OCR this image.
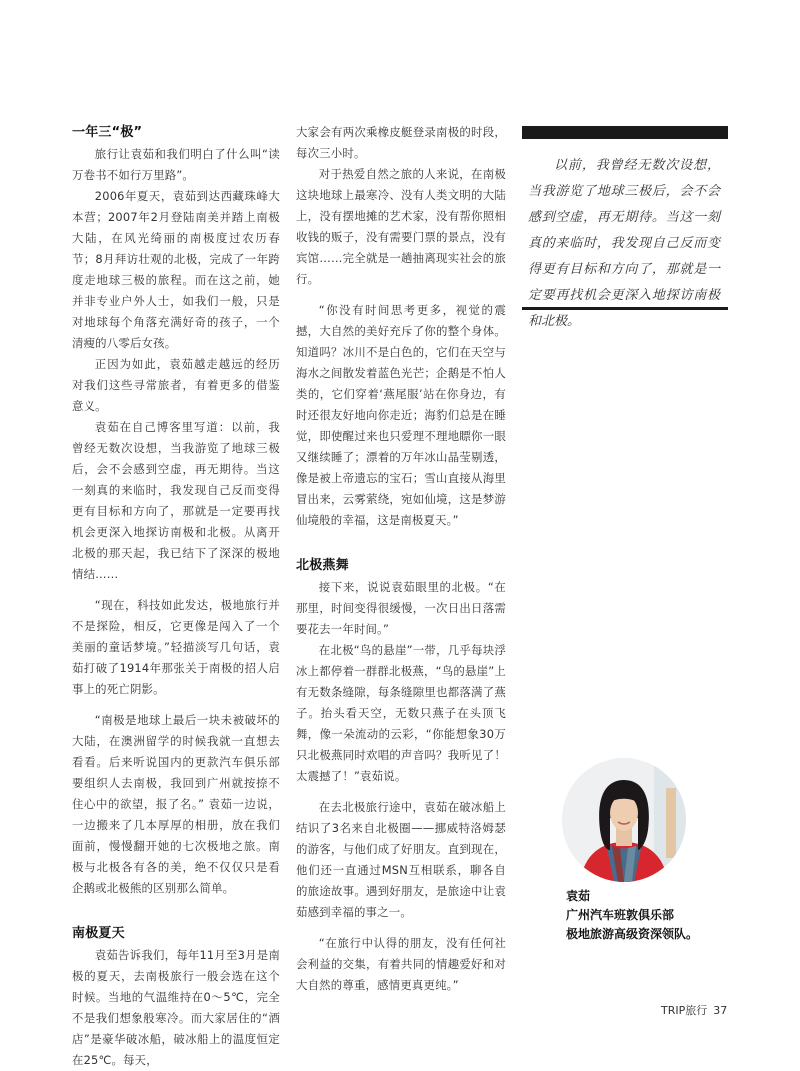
一年三“极”

旅行让袁茹和我们明白了什么叫“读万卷书不如行万里路”。

2006年夏天，袁茹到达西藏珠峰大本营；2007年2月登陆南美并踏上南极大陆，在风光绮丽的南极度过农历春节；8月拜访壮观的北极，完成了一年跨度走地球三极的旅程。而在这之前，她并非专业户外人士，如我们一般，只是对地球每个角落充满好奇的孩子，一个清瘦的八零后女孩。

正因为如此，袁茹越走越远的经历对我们这些寻常旅者，有着更多的借鉴意义。

袁茹在自己博客里写道：以前，我曾经无数次设想，当我游览了地球三极后，会不会感到空虚，再无期待。当这一刻真的来临时，我发现自己反而变得更有目标和方向了，那就是一定要再找机会更深入地探访南极和北极。从离开北极的那天起，我已结下了深深的极地情结……

“现在，科技如此发达，极地旅行并不是探险，相反，它更像是闯入了一个美丽的童话梦境。”轻描淡写几句话，袁茹打破了1914年那张关于南极的招人启事上的死亡阴影。

“南极是地球上最后一块未被破坏的大陆，在澳洲留学的时候我就一直想去看看。后来听说国内的更款汽车俱乐部要组织人去南极，我回到广州就按捺不住心中的欲望，报了名。” 袁茹一边说，一边搬来了几本厚厚的相册，放在我们面前，慢慢翻开她的七次极地之旅。南极与北极各有各的美，绝不仅仅只是看企鹅或北极熊的区别那么简单。

南极夏天

袁茹告诉我们，每年11月至3月是南极的夏天，去南极旅行一般会选在这个时候。当地的气温维持在0～5℃，完全不是我们想象般寒冷。而大家居住的“酒店”是豪华破冰船，破冰船上的温度恒定在25℃。每天，

大家会有两次乘橡皮艇登录南极的时段，每次三小时。

对于热爱自然之旅的人来说，在南极这块地球上最寒冷、没有人类文明的大陆上，没有摆地摊的艺术家，没有帮你照相收钱的贩子，没有需要门票的景点，没有宾馆……完全就是一趟抽离现实社会的旅行。

“你没有时间思考更多，视觉的震撼，大自然的美好充斥了你的整个身体。知道吗？冰川不是白色的，它们在天空与海水之间散发着蓝色光芒；企鹅是不怕人类的，它们穿着‘燕尾服’站在你身边，有时还很友好地向你走近；海豹们总是在睡觉，即使醒过来也只爱理不理地瞟你一眼又继续睡了；漂着的万年冰山晶莹剔透，像是被上帝遗忘的宝石；雪山直接从海里冒出来，云雾萦绕，宛如仙境，这是梦游仙境般的幸福，这是南极夏天。”

北极燕舞

接下来，说说袁茹眼里的北极。“在那里，时间变得很缓慢，一次日出日落需要花去一年时间。”

在北极“鸟的悬崖”一带，几乎每块浮冰上都停着一群群北极燕，“鸟的悬崖”上有无数条缝隙，每条缝隙里也都落满了燕子。抬头看天空，无数只燕子在头顶飞舞，像一朵流动的云彩，“你能想象30万只北极燕同时欢唱的声音吗？我听见了！太震撼了！”袁茹说。

在去北极旅行途中，袁茹在破冰船上结识了3名来自北极圈——挪威特洛姆瑟的游客，与他们成了好朋友。直到现在，他们还一直通过MSN互相联系，聊各自的旅途故事。遇到好朋友，是旅途中让袁茹感到幸福的事之一。

“在旅行中认得的朋友，没有任何社会利益的交集，有着共同的情趣爱好和对大自然的尊重，感情更真更纯。”

以前，我曾经无数次设想，当我游览了地球三极后，会不会感到空虚，再无期待。当这一刻真的来临时，我发现自己反而变得更有目标和方向了，那就是一定要再找机会更深入地探访南极和北极。

袁茹
广州汽车班敦俱乐部
极地旅游高级资深领队。
TRIP旅行 37
